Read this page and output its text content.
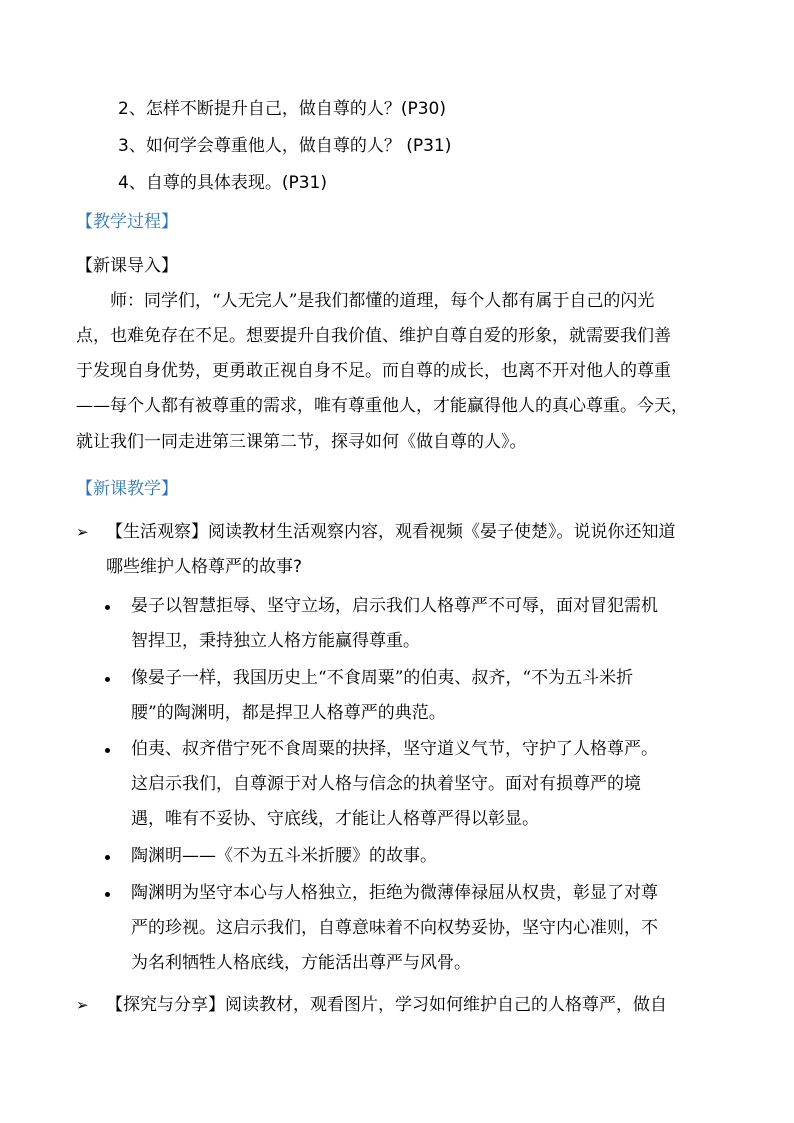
2、怎样不断提升自己，做自尊的人？(P30)
3、如何学会尊重他人，做自尊的人？ (P31)
4、自尊的具体表现。(P31)
【教学过程】
【新课导入】
师：同学们，“人无完人”是我们都懂的道理，每个人都有属于自己的闪光
点，也难免存在不足。想要提升自我价值、维护自尊自爱的形象，就需要我们善
于发现自身优势，更勇敢正视自身不足。而自尊的成长，也离不开对他人的尊重
——每个人都有被尊重的需求，唯有尊重他人，才能赢得他人的真心尊重。今天，
就让我们一同走进第三课第二节，探寻如何《做自尊的人》。
【新课教学】
➢ 【生活观察】阅读教材生活观察内容，观看视频《晏子使楚》。说说你还知道
哪些维护人格尊严的故事?
晏子以智慧拒辱、坚守立场，启示我们人格尊严不可辱，面对冒犯需机
智捍卫，秉持独立人格方能赢得尊重。
像晏子一样，我国历史上“不食周粟”的伯夷、叔齐，“不为五斗米折
腰”的陶渊明，都是捍卫人格尊严的典范。
伯夷、叔齐借宁死不食周粟的抉择，坚守道义气节，守护了人格尊严。
这启示我们，自尊源于对人格与信念的执着坚守。面对有损尊严的境
遇，唯有不妥协、守底线，才能让人格尊严得以彰显。
陶渊明——《不为五斗米折腰》的故事。
陶渊明为坚守本心与人格独立，拒绝为微薄俸禄屈从权贵，彰显了对尊
严的珍视。这启示我们，自尊意味着不向权势妥协，坚守内心准则，不
为名利牺牲人格底线，方能活出尊严与风骨。
➢ 【探究与分享】阅读教材，观看图片，学习如何维护自己的人格尊严，做自
